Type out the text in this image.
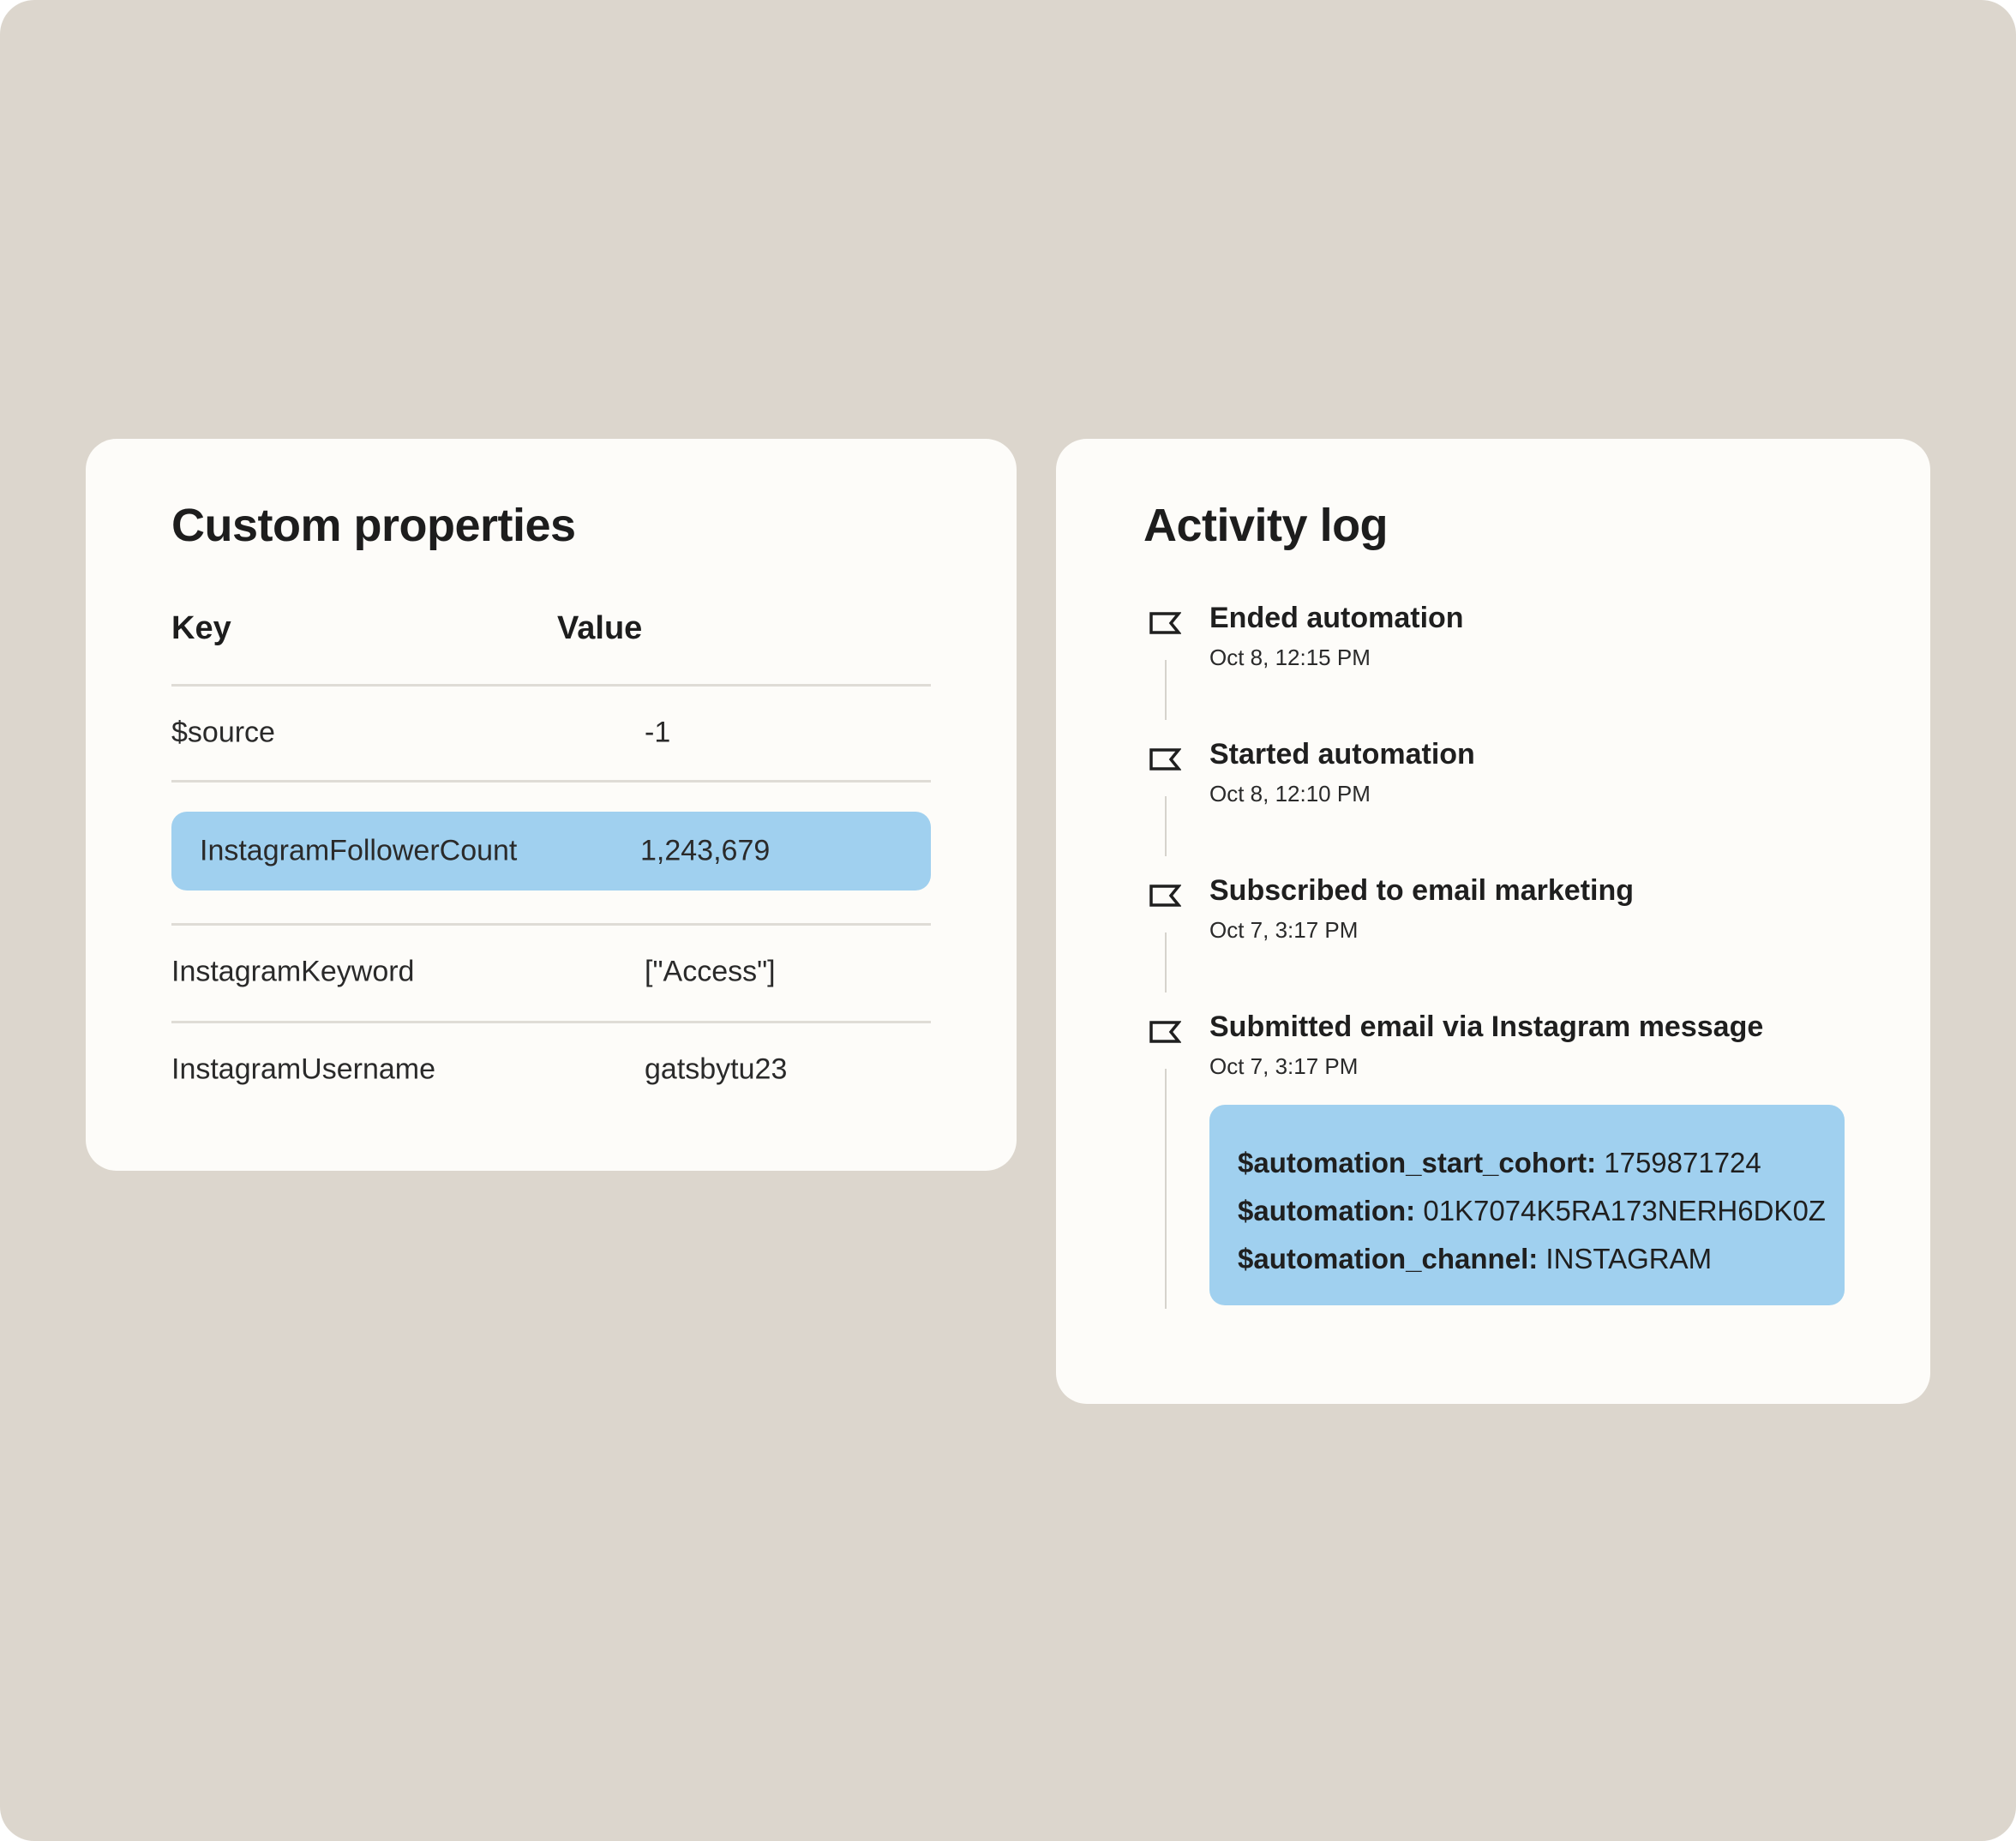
Custom properties
Key	Value
$source	-1
InstagramFollowerCount	1,243,679
InstagramKeyword	["Access"]
InstagramUsername	gatsbytu23
Activity log
Ended automation
Oct 8, 12:15 PM
Started automation
Oct 8, 12:10 PM
Subscribed to email marketing
Oct 7, 3:17 PM
Submitted email via Instagram message
Oct 7, 3:17 PM
$automation_start_cohort: 1759871724
$automation: 01K7074K5RA173NERH6DK0Z
$automation_channel: INSTAGRAM
